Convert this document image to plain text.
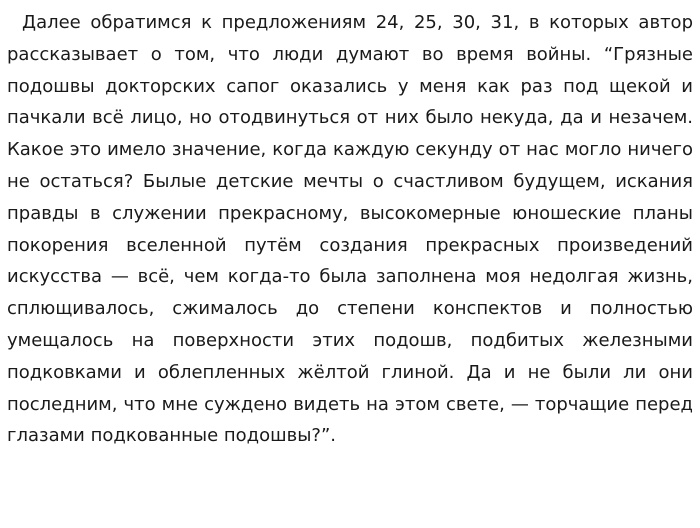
Далее обратимся к предложениям 24, 25, 30, 31, в которых автор рассказывает о том, что люди думают во время войны. “Грязные подошвы докторских сапог оказались у меня как раз под щекой и пачкали всё лицо, но отодвинуться от них было некуда, да и незачем. Какое это имело значение, когда каждую секунду от нас могло ничего не остаться? Былые детские мечты о счастливом будущем, искания правды в служении прекрасному, высокомерные юношеские планы покорения вселенной путём создания прекрасных произведений искусства — всё, чем когда-то была заполнена моя недолгая жизнь, сплющивалось, сжималось до степени конспектов и полностью умещалось на поверхности этих подошв, подбитых железными подковками и облепленных жёлтой глиной. Да и не были ли они последним, что мне суждено видеть на этом свете, — торчащие перед глазами подкованные подошвы?”.
